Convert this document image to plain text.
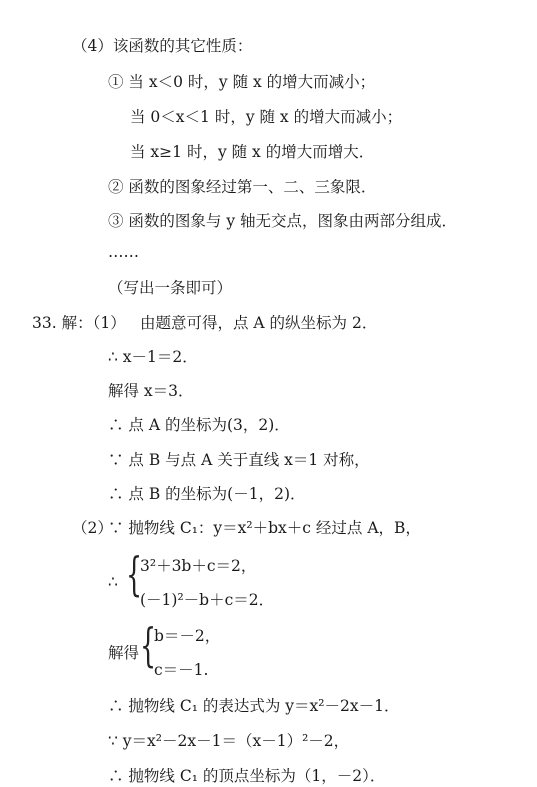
（4）该函数的其它性质：
① 当 x＜0 时，y 随 x 的增大而减小；
当 0＜x＜1 时，y 随 x 的增大而减小；
当 x≥1 时，y 随 x 的增大而增大．
② 函数的图象经过第一、二、三象限．
③ 函数的图象与 y 轴无交点，图象由两部分组成．
……
（写出一条即可）
33. 解：（1） 由题意可得，点 A 的纵坐标为 2．
∴ x－1＝2．
解得 x＝3．
∴ 点 A 的坐标为(3，2)．
∵ 点 B 与点 A 关于直线 x＝1 对称，
∴ 点 B 的坐标为(－1，2)．
（2）
∵ 抛物线 C₁：y＝x²＋bx＋c 经过点 A，B，
∴ {
3²＋3b＋c＝2，
(－1)²－b＋c＝2．
解得 {
b＝－2，
c＝－1.
∴ 抛物线 C₁ 的表达式为 y＝x²－2x－1．
∵ y＝x²－2x－1＝（x－1）²－2，
∴ 抛物线 C₁ 的顶点坐标为（1，－2）．
